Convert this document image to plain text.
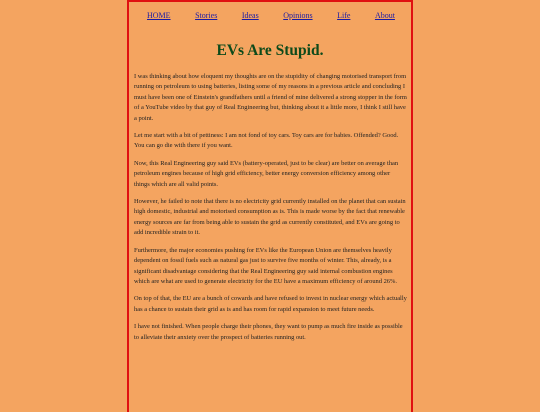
HOME	Stories	Ideas	Opinions	Life	About
EVs Are Stupid.

I was thinking about how eloquent my thoughts are on the stupidity of changing motorised transport from running on petroleum to using batteries, listing some of my reasons in a previous article and concluding I must have been one of Einstein's grandfathers until a friend of mine delivered a strong stopper in the form of a YouTube video by that guy of Real Engineering but, thinking about it a little more, I think I still have a point.

Let me start with a bit of pettiness: I am not fond of toy cars. Toy cars are for babies. Offended? Good. You can go die with there if you want.

Now, this Real Engineering guy said EVs (battery-operated, just to be clear) are better on average than petroleum engines because of high grid efficiency, better energy conversion efficiency among other things which are all valid points.

However, he failed to note that there is no electricity grid currently installed on the planet that can sustain high domestic, industrial and motorised consumption as is. This is made worse by the fact that renewable energy sources are far from being able to sustain the grid as currently constituted, and EVs are going to add incredible strain to it.

Furthermore, the major economies pushing for EVs like the European Union are themselves heavily dependent on fossil fuels such as natural gas just to survive five months of winter. This, already, is a significant disadvantage considering that the Real Engineering guy said internal combustion engines which are what are used to generate electricity for the EU have a maximum efficiency of around 26%.

On top of that, the EU are a bunch of cowards and have refused to invest in nuclear energy which actually has a chance to sustain their grid as is and has room for rapid expansion to meet future needs.

I have not finished. When people charge their phones, they want to pump as much fire inside as possible to alleviate their anxiety over the prospect of batteries running out.
